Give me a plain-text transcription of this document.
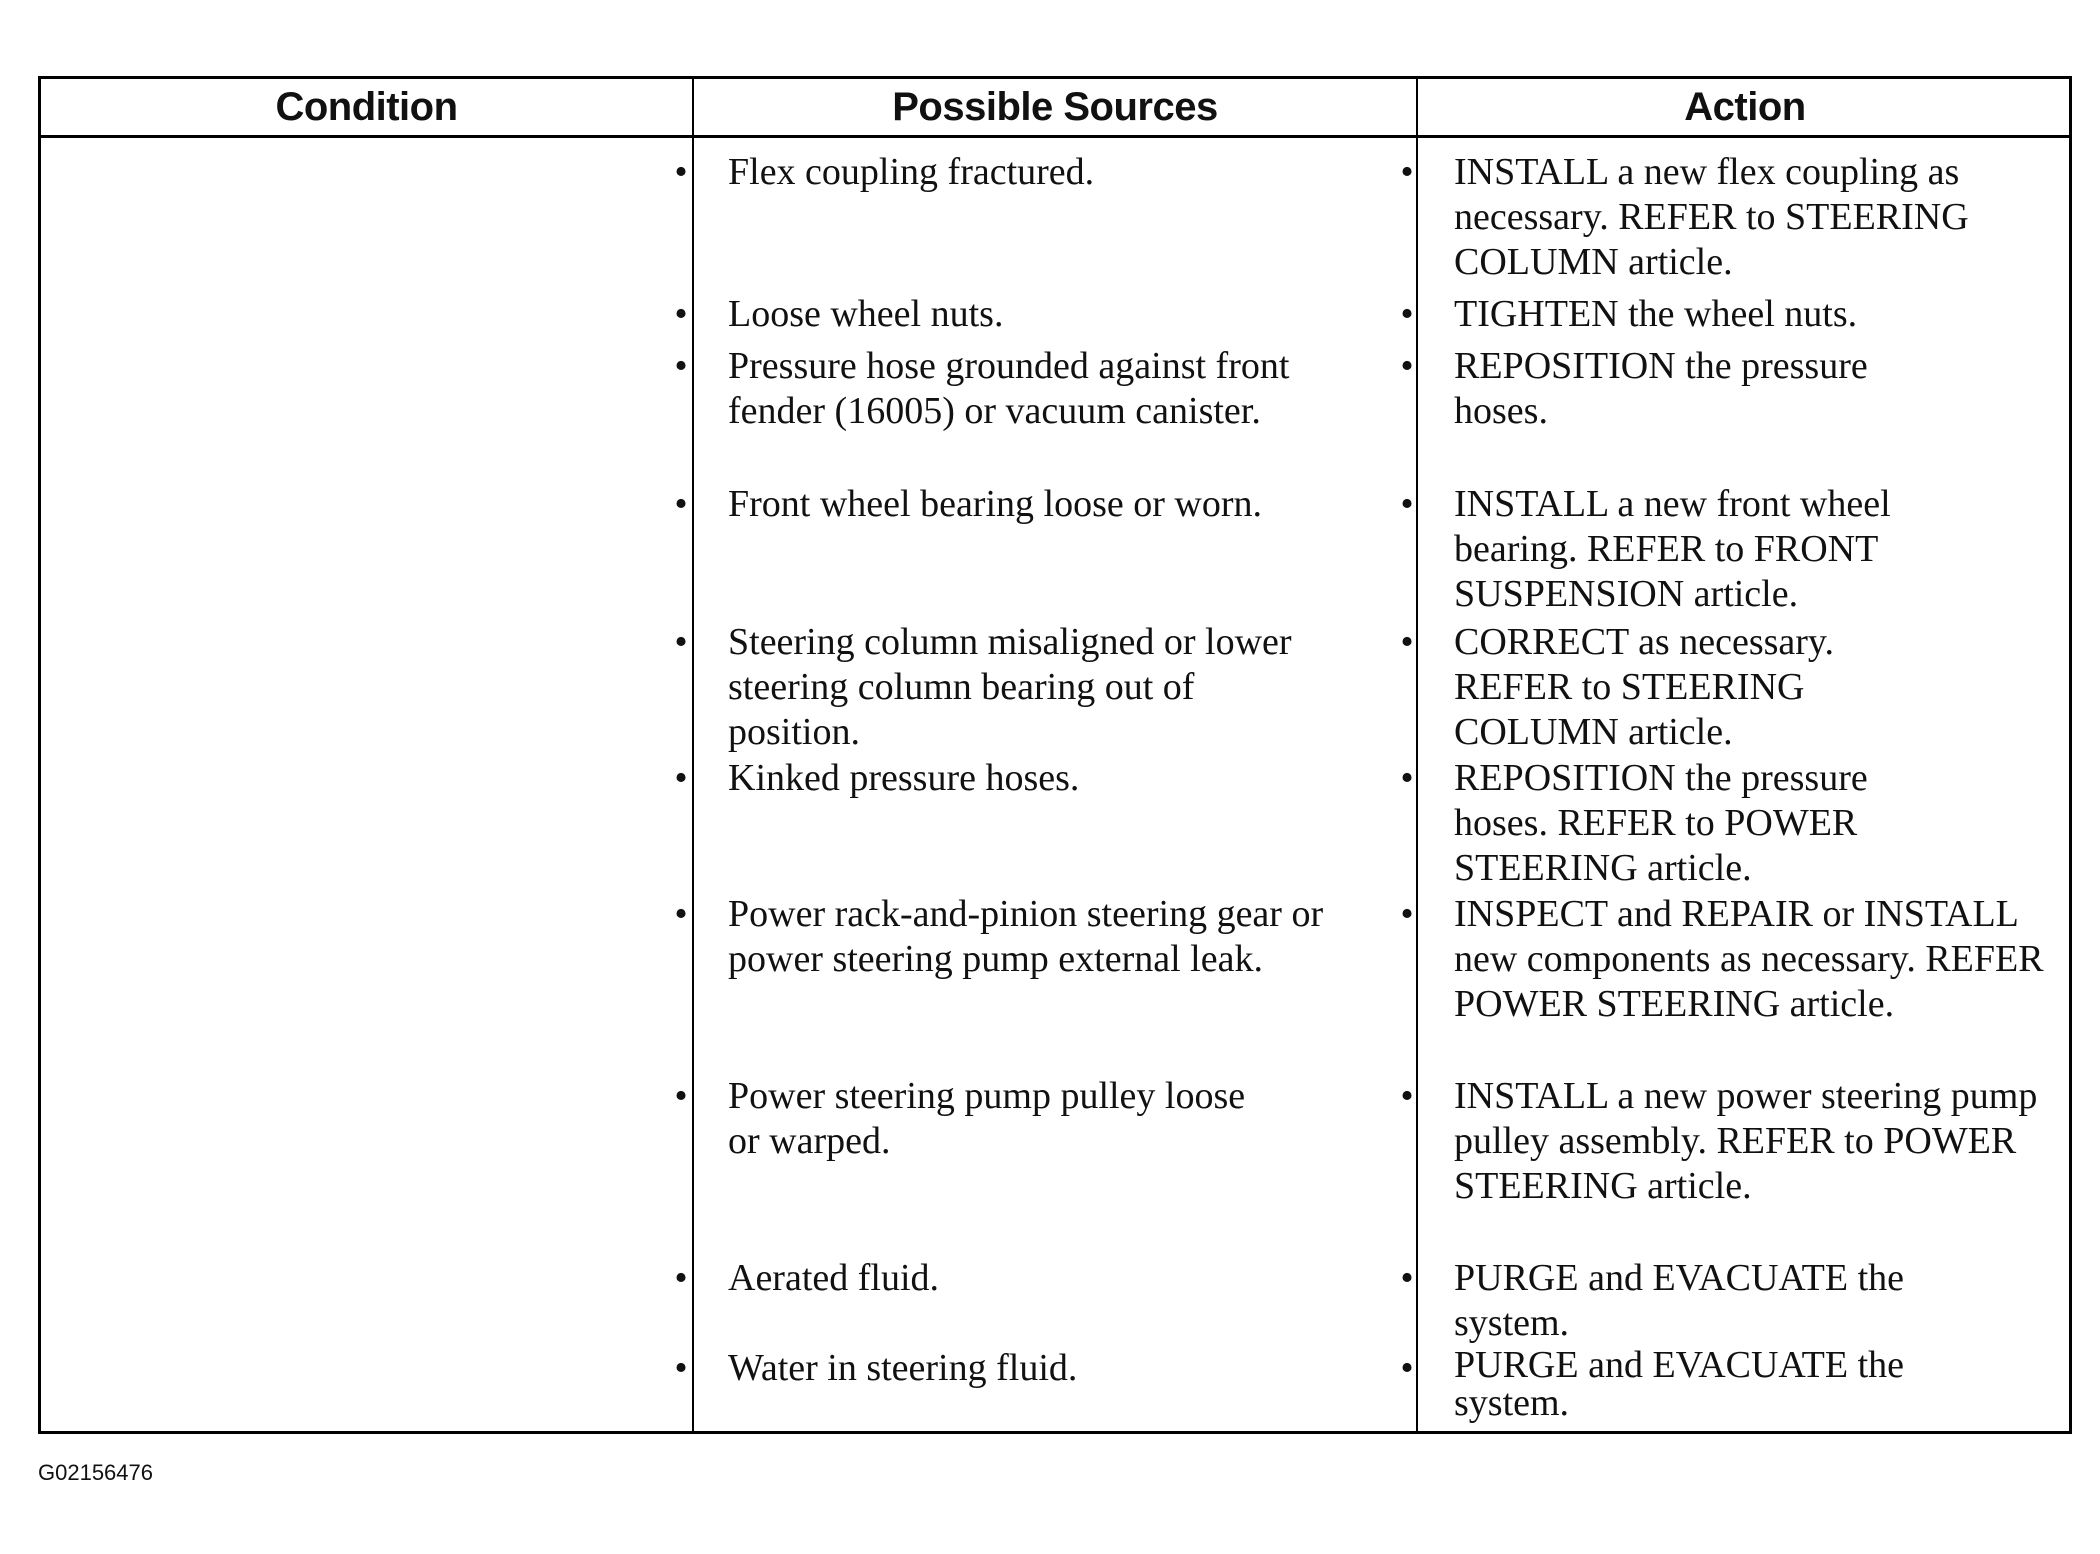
Condition	Possible Sources	Action
• Flex coupling fractured.
• Loose wheel nuts.
• Pressure hose grounded against front fender (16005) or vacuum canister.
• Front wheel bearing loose or worn.
• Steering column misaligned or lower steering column bearing out of position.
• Kinked pressure hoses.
• Power rack-and-pinion steering gear or power steering pump external leak.
• Power steering pump pulley loose or warped.
• Aerated fluid.
• Water in steering fluid.
• INSTALL a new flex coupling as necessary. REFER to STEERING COLUMN article.
• TIGHTEN the wheel nuts.
• REPOSITION the pressure hoses.
• INSTALL a new front wheel bearing. REFER to FRONT SUSPENSION article.
• CORRECT as necessary. REFER to STEERING COLUMN article.
• REPOSITION the pressure hoses. REFER to POWER STEERING article.
• INSPECT and REPAIR or INSTALL new components as necessary. REFER POWER STEERING article.
• INSTALL a new power steering pump pulley assembly. REFER to POWER STEERING article.
• PURGE and EVACUATE the system.
• PURGE and EVACUATE the system.
G02156476
